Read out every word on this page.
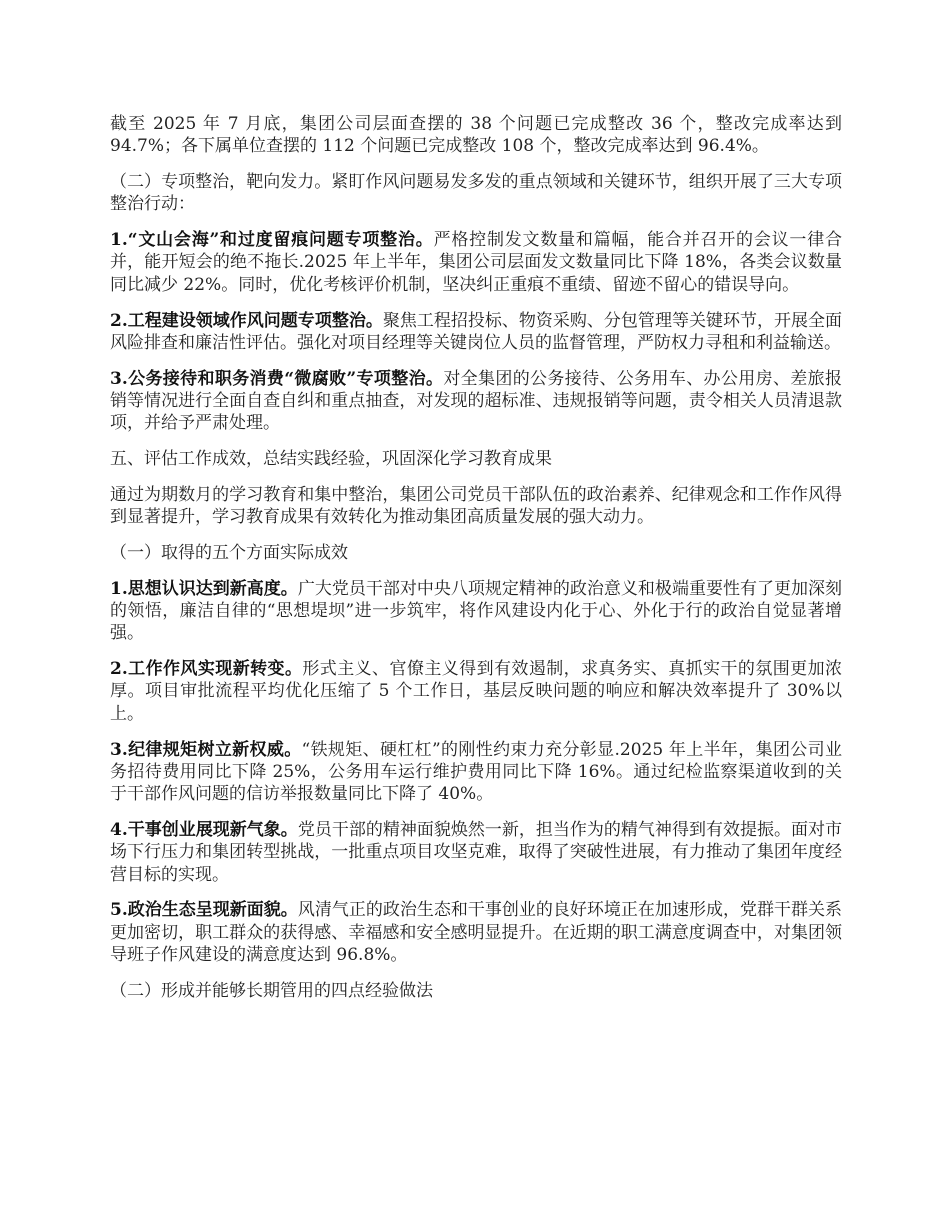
截至 2025 年 7 月底，集团公司层面查摆的 38 个问题已完成整改 36 个，整改完成率达到 94.7%；各下属单位查摆的 112 个问题已完成整改 108 个，整改完成率达到 96.4%。

（二）专项整治，靶向发力。紧盯作风问题易发多发的重点领域和关键环节，组织开展了三大专项整治行动：

1.“文山会海”和过度留痕问题专项整治。严格控制发文数量和篇幅，能合并召开的会议一律合并，能开短会的绝不拖长.2025 年上半年，集团公司层面发文数量同比下降 18%，各类会议数量同比减少 22%。同时，优化考核评价机制，坚决纠正重痕不重绩、留迹不留心的错误导向。

2.工程建设领域作风问题专项整治。聚焦工程招投标、物资采购、分包管理等关键环节，开展全面风险排查和廉洁性评估。强化对项目经理等关键岗位人员的监督管理，严防权力寻租和利益输送。

3.公务接待和职务消费“微腐败”专项整治。对全集团的公务接待、公务用车、办公用房、差旅报销等情况进行全面自查自纠和重点抽查，对发现的超标准、违规报销等问题，责令相关人员清退款项，并给予严肃处理。

五、评估工作成效，总结实践经验，巩固深化学习教育成果

通过为期数月的学习教育和集中整治，集团公司党员干部队伍的政治素养、纪律观念和工作作风得到显著提升，学习教育成果有效转化为推动集团高质量发展的强大动力。

（一）取得的五个方面实际成效

1.思想认识达到新高度。广大党员干部对中央八项规定精神的政治意义和极端重要性有了更加深刻的领悟，廉洁自律的“思想堤坝”进一步筑牢，将作风建设内化于心、外化于行的政治自觉显著增强。

2.工作作风实现新转变。形式主义、官僚主义得到有效遏制，求真务实、真抓实干的氛围更加浓厚。项目审批流程平均优化压缩了 5 个工作日，基层反映问题的响应和解决效率提升了 30%以上。

3.纪律规矩树立新权威。“铁规矩、硬杠杠”的刚性约束力充分彰显.2025 年上半年，集团公司业务招待费用同比下降 25%，公务用车运行维护费用同比下降 16%。通过纪检监察渠道收到的关于干部作风问题的信访举报数量同比下降了 40%。

4.干事创业展现新气象。党员干部的精神面貌焕然一新，担当作为的精气神得到有效提振。面对市场下行压力和集团转型挑战，一批重点项目攻坚克难，取得了突破性进展，有力推动了集团年度经营目标的实现。

5.政治生态呈现新面貌。风清气正的政治生态和干事创业的良好环境正在加速形成，党群干群关系更加密切，职工群众的获得感、幸福感和安全感明显提升。在近期的职工满意度调查中，对集团领导班子作风建设的满意度达到 96.8%。

（二）形成并能够长期管用的四点经验做法
